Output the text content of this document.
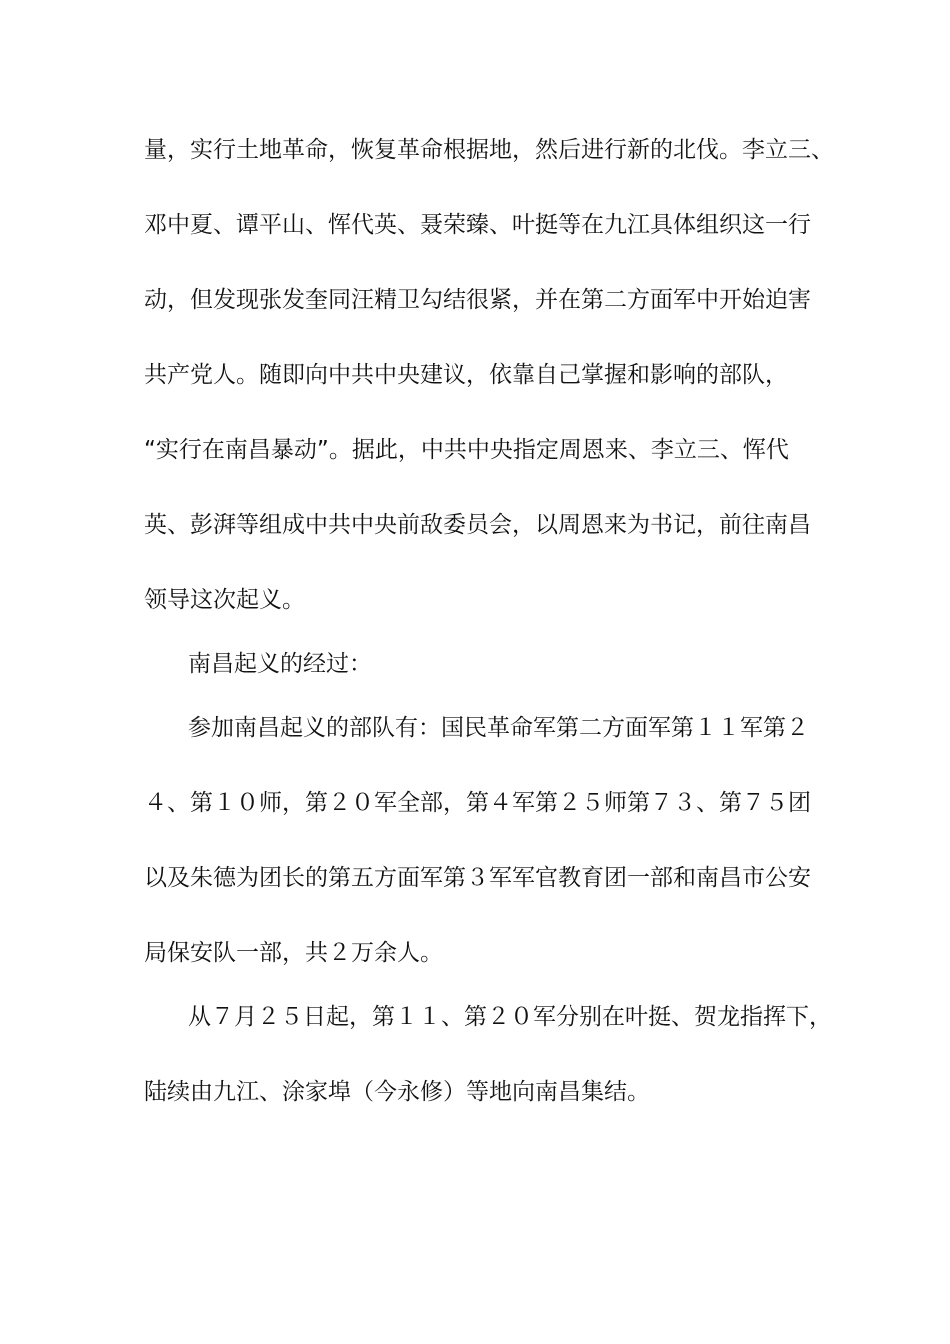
量，实行土地革命，恢复革命根据地，然后进行新的北伐。李立三、
邓中夏、谭平山、恽代英、聂荣臻、叶挺等在九江具体组织这一行
动，但发现张发奎同汪精卫勾结很紧，并在第二方面军中开始迫害
共产党人。随即向中共中央建议，依靠自己掌握和影响的部队，
“实行在南昌暴动”。据此，中共中央指定周恩来、李立三、恽代
英、彭湃等组成中共中央前敌委员会，以周恩来为书记，前往南昌
领导这次起义。
南昌起义的经过：
参加南昌起义的部队有：国民革命军第二方面军第１１军第２
４、第１０师，第２０军全部，第４军第２５师第７３、第７５团
以及朱德为团长的第五方面军第３军军官教育团一部和南昌市公安
局保安队一部，共２万余人。
从７月２５日起，第１１、第２０军分别在叶挺、贺龙指挥下，
陆续由九江、涂家埠（今永修）等地向南昌集结。
